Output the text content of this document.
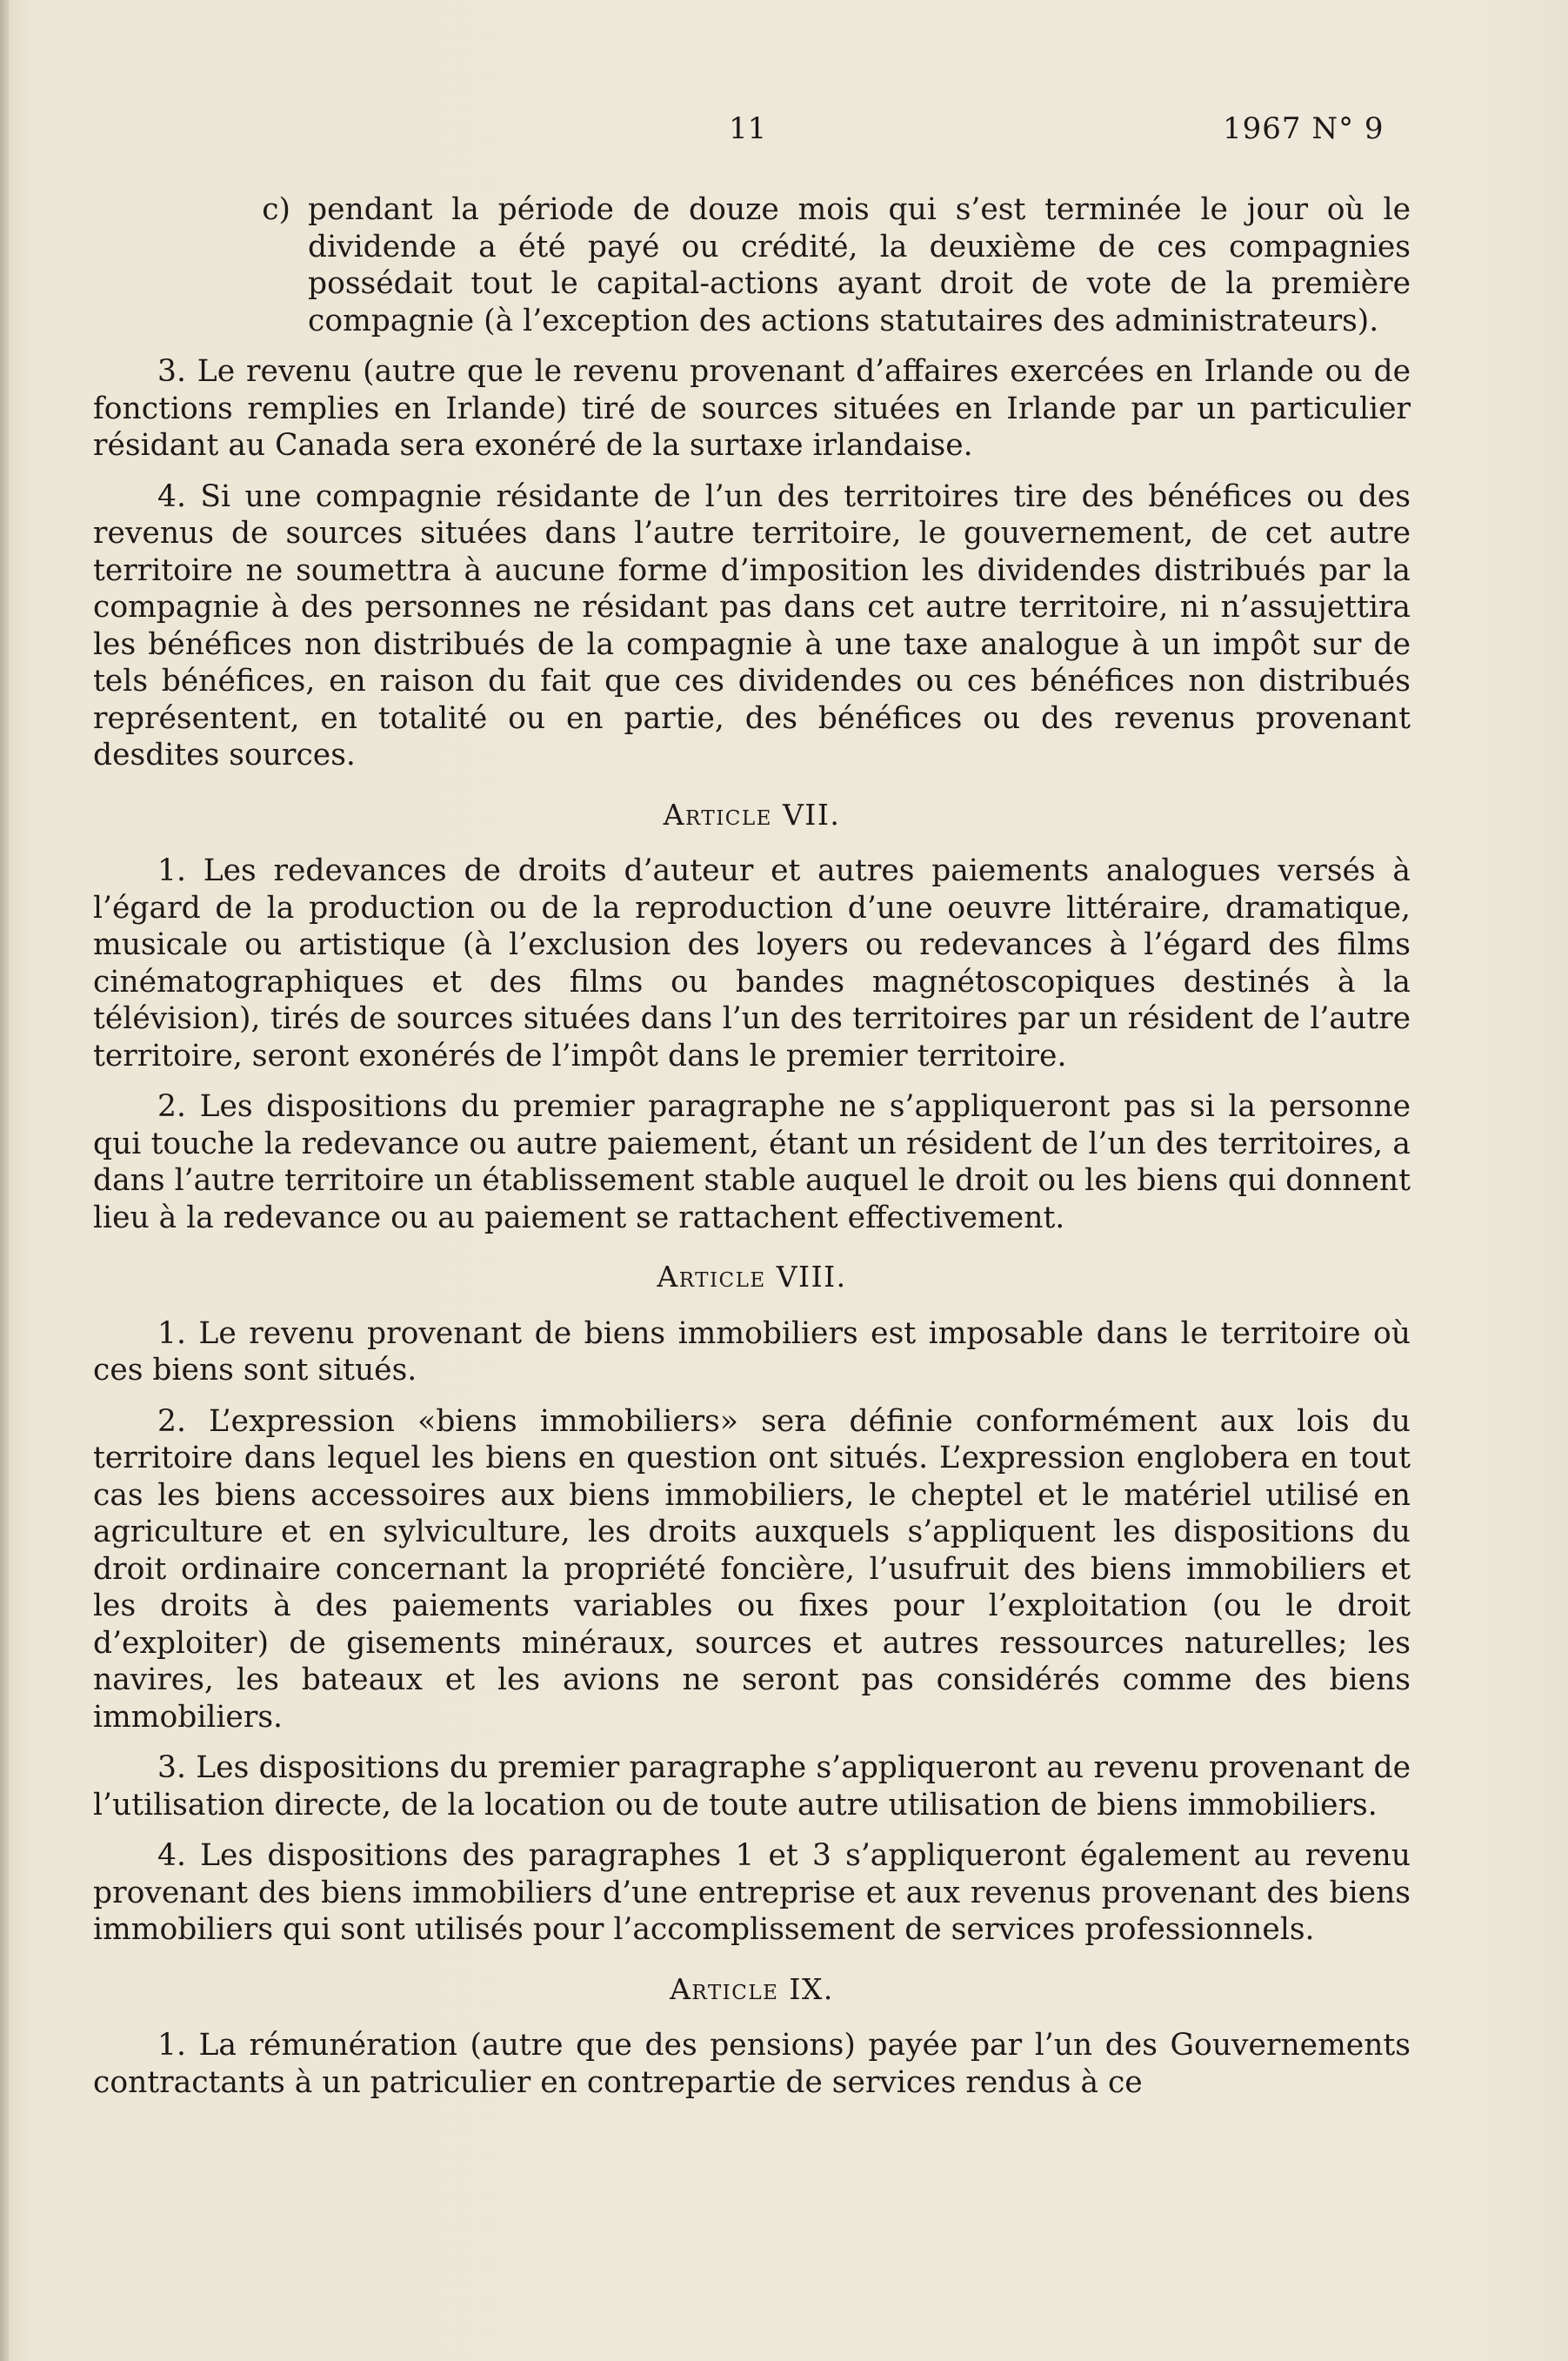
11	1967 N° 9
c) pendant la période de douze mois qui s’est terminée le jour où le dividende a été payé ou crédité, la deuxième de ces compagnies possédait tout le capital-actions ayant droit de vote de la première compagnie (à l’exception des actions statutaires des administrateurs).

3. Le revenu (autre que le revenu provenant d’affaires exercées en Irlande ou de fonctions remplies en Irlande) tiré de sources situées en Irlande par un particulier résidant au Canada sera exonéré de la surtaxe irlandaise.

4. Si une compagnie résidante de l’un des territoires tire des bénéfices ou des revenus de sources situées dans l’autre territoire, le gouvernement, de cet autre territoire ne soumettra à aucune forme d’imposition les dividendes distribués par la compagnie à des personnes ne résidant pas dans cet autre territoire, ni n’assujettira les bénéfices non distribués de la compagnie à une taxe analogue à un impôt sur de tels bénéfices, en raison du fait que ces dividendes ou ces bénéfices non distribués représentent, en totalité ou en partie, des bénéfices ou des revenus provenant desdites sources.

Article VII.

1. Les redevances de droits d’auteur et autres paiements analogues versés à l’égard de la production ou de la reproduction d’une oeuvre littéraire, dramatique, musicale ou artistique (à l’exclusion des loyers ou redevances à l’égard des films cinématographiques et des films ou bandes magnétoscopiques destinés à la télévision), tirés de sources situées dans l’un des territoires par un résident de l’autre territoire, seront exonérés de l’impôt dans le premier territoire.

2. Les dispositions du premier paragraphe ne s’appliqueront pas si la personne qui touche la redevance ou autre paiement, étant un résident de l’un des territoires, a dans l’autre territoire un établissement stable auquel le droit ou les biens qui donnent lieu à la redevance ou au paiement se rattachent effectivement.

Article VIII.

1. Le revenu provenant de biens immobiliers est imposable dans le territoire où ces biens sont situés.

2. L’expression «biens immobiliers» sera définie conformément aux lois du territoire dans lequel les biens en question ont situés. L’expression englobera en tout cas les biens accessoires aux biens immobiliers, le cheptel et le matériel utilisé en agriculture et en sylviculture, les droits auxquels s’appliquent les dispositions du droit ordinaire concernant la propriété foncière, l’usufruit des biens immobiliers et les droits à des paiements variables ou fixes pour l’exploitation (ou le droit d’exploiter) de gisements minéraux, sources et autres ressources naturelles; les navires, les bateaux et les avions ne seront pas considérés comme des biens immobiliers.

3. Les dispositions du premier paragraphe s’appliqueront au revenu provenant de l’utilisation directe, de la location ou de toute autre utilisation de biens immobiliers.

4. Les dispositions des paragraphes 1 et 3 s’appliqueront également au revenu provenant des biens immobiliers d’une entreprise et aux revenus provenant des biens immobiliers qui sont utilisés pour l’accomplissement de services professionnels.

Article IX.

1. La rémunération (autre que des pensions) payée par l’un des Gouvernements contractants à un patriculier en contrepartie de services rendus à ce
